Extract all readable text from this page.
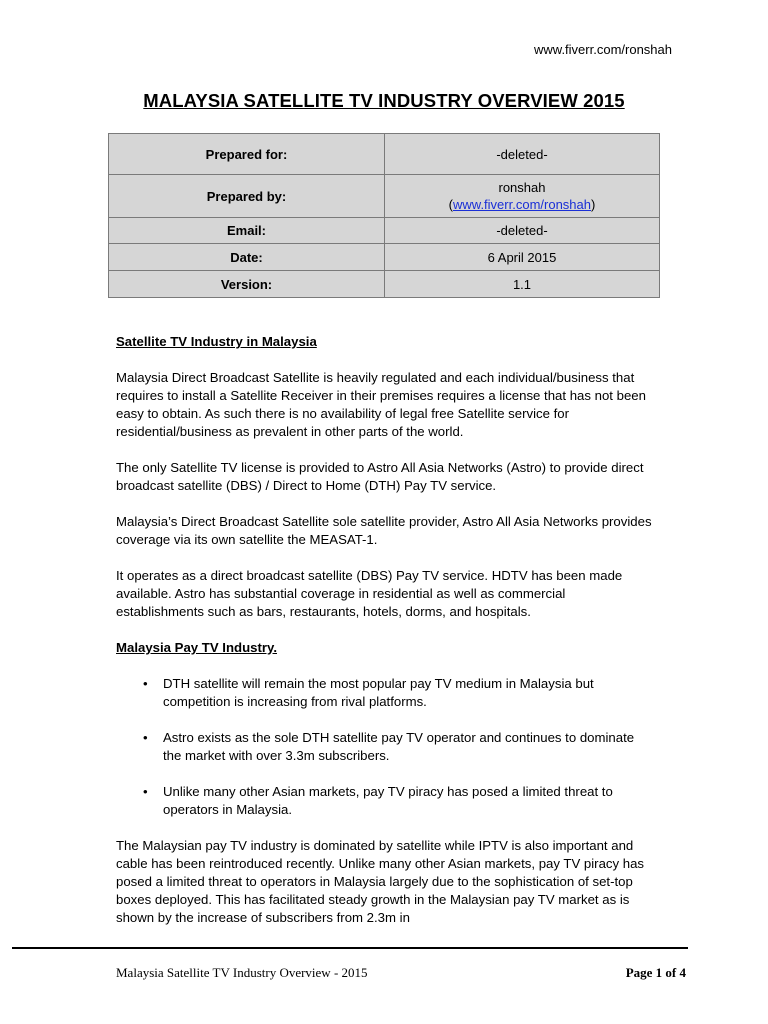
www.fiverr.com/ronshah
MALAYSIA SATELLITE TV INDUSTRY OVERVIEW 2015
Prepared for:	-deleted-
Prepared by:	ronshah
(www.fiverr.com/ronshah)
Email:	-deleted-
Date:	6 April 2015
Version:	1.1

Satellite TV Industry in Malaysia

Malaysia Direct Broadcast Satellite is heavily regulated and each individual/business that requires to install a Satellite Receiver in their premises requires a license that has not been easy to obtain. As such there is no availability of legal free Satellite service for residential/business as prevalent in other parts of the world.

The only Satellite TV license is provided to Astro All Asia Networks (Astro) to provide direct broadcast satellite (DBS) / Direct to Home (DTH) Pay TV service.

Malaysia’s Direct Broadcast Satellite sole satellite provider, Astro All Asia Networks provides coverage via its own satellite the MEASAT-1.

It operates as a direct broadcast satellite (DBS) Pay TV service. HDTV has been made available. Astro has substantial coverage in residential as well as commercial establishments such as bars, restaurants, hotels, dorms, and hospitals.

Malaysia Pay TV Industry.

• DTH satellite will remain the most popular pay TV medium in Malaysia but competition is increasing from rival platforms.
• Astro exists as the sole DTH satellite pay TV operator and continues to dominate the market with over 3.3m subscribers.
• Unlike many other Asian markets, pay TV piracy has posed a limited threat to operators in Malaysia.

The Malaysian pay TV industry is dominated by satellite while IPTV is also important and cable has been reintroduced recently. Unlike many other Asian markets, pay TV piracy has posed a limited threat to operators in Malaysia largely due to the sophistication of set-top boxes deployed. This has facilitated steady growth in the Malaysian pay TV market as is shown by the increase of subscribers from 2.3m in

Malaysia Satellite TV Industry Overview - 2015	Page 1 of 4
